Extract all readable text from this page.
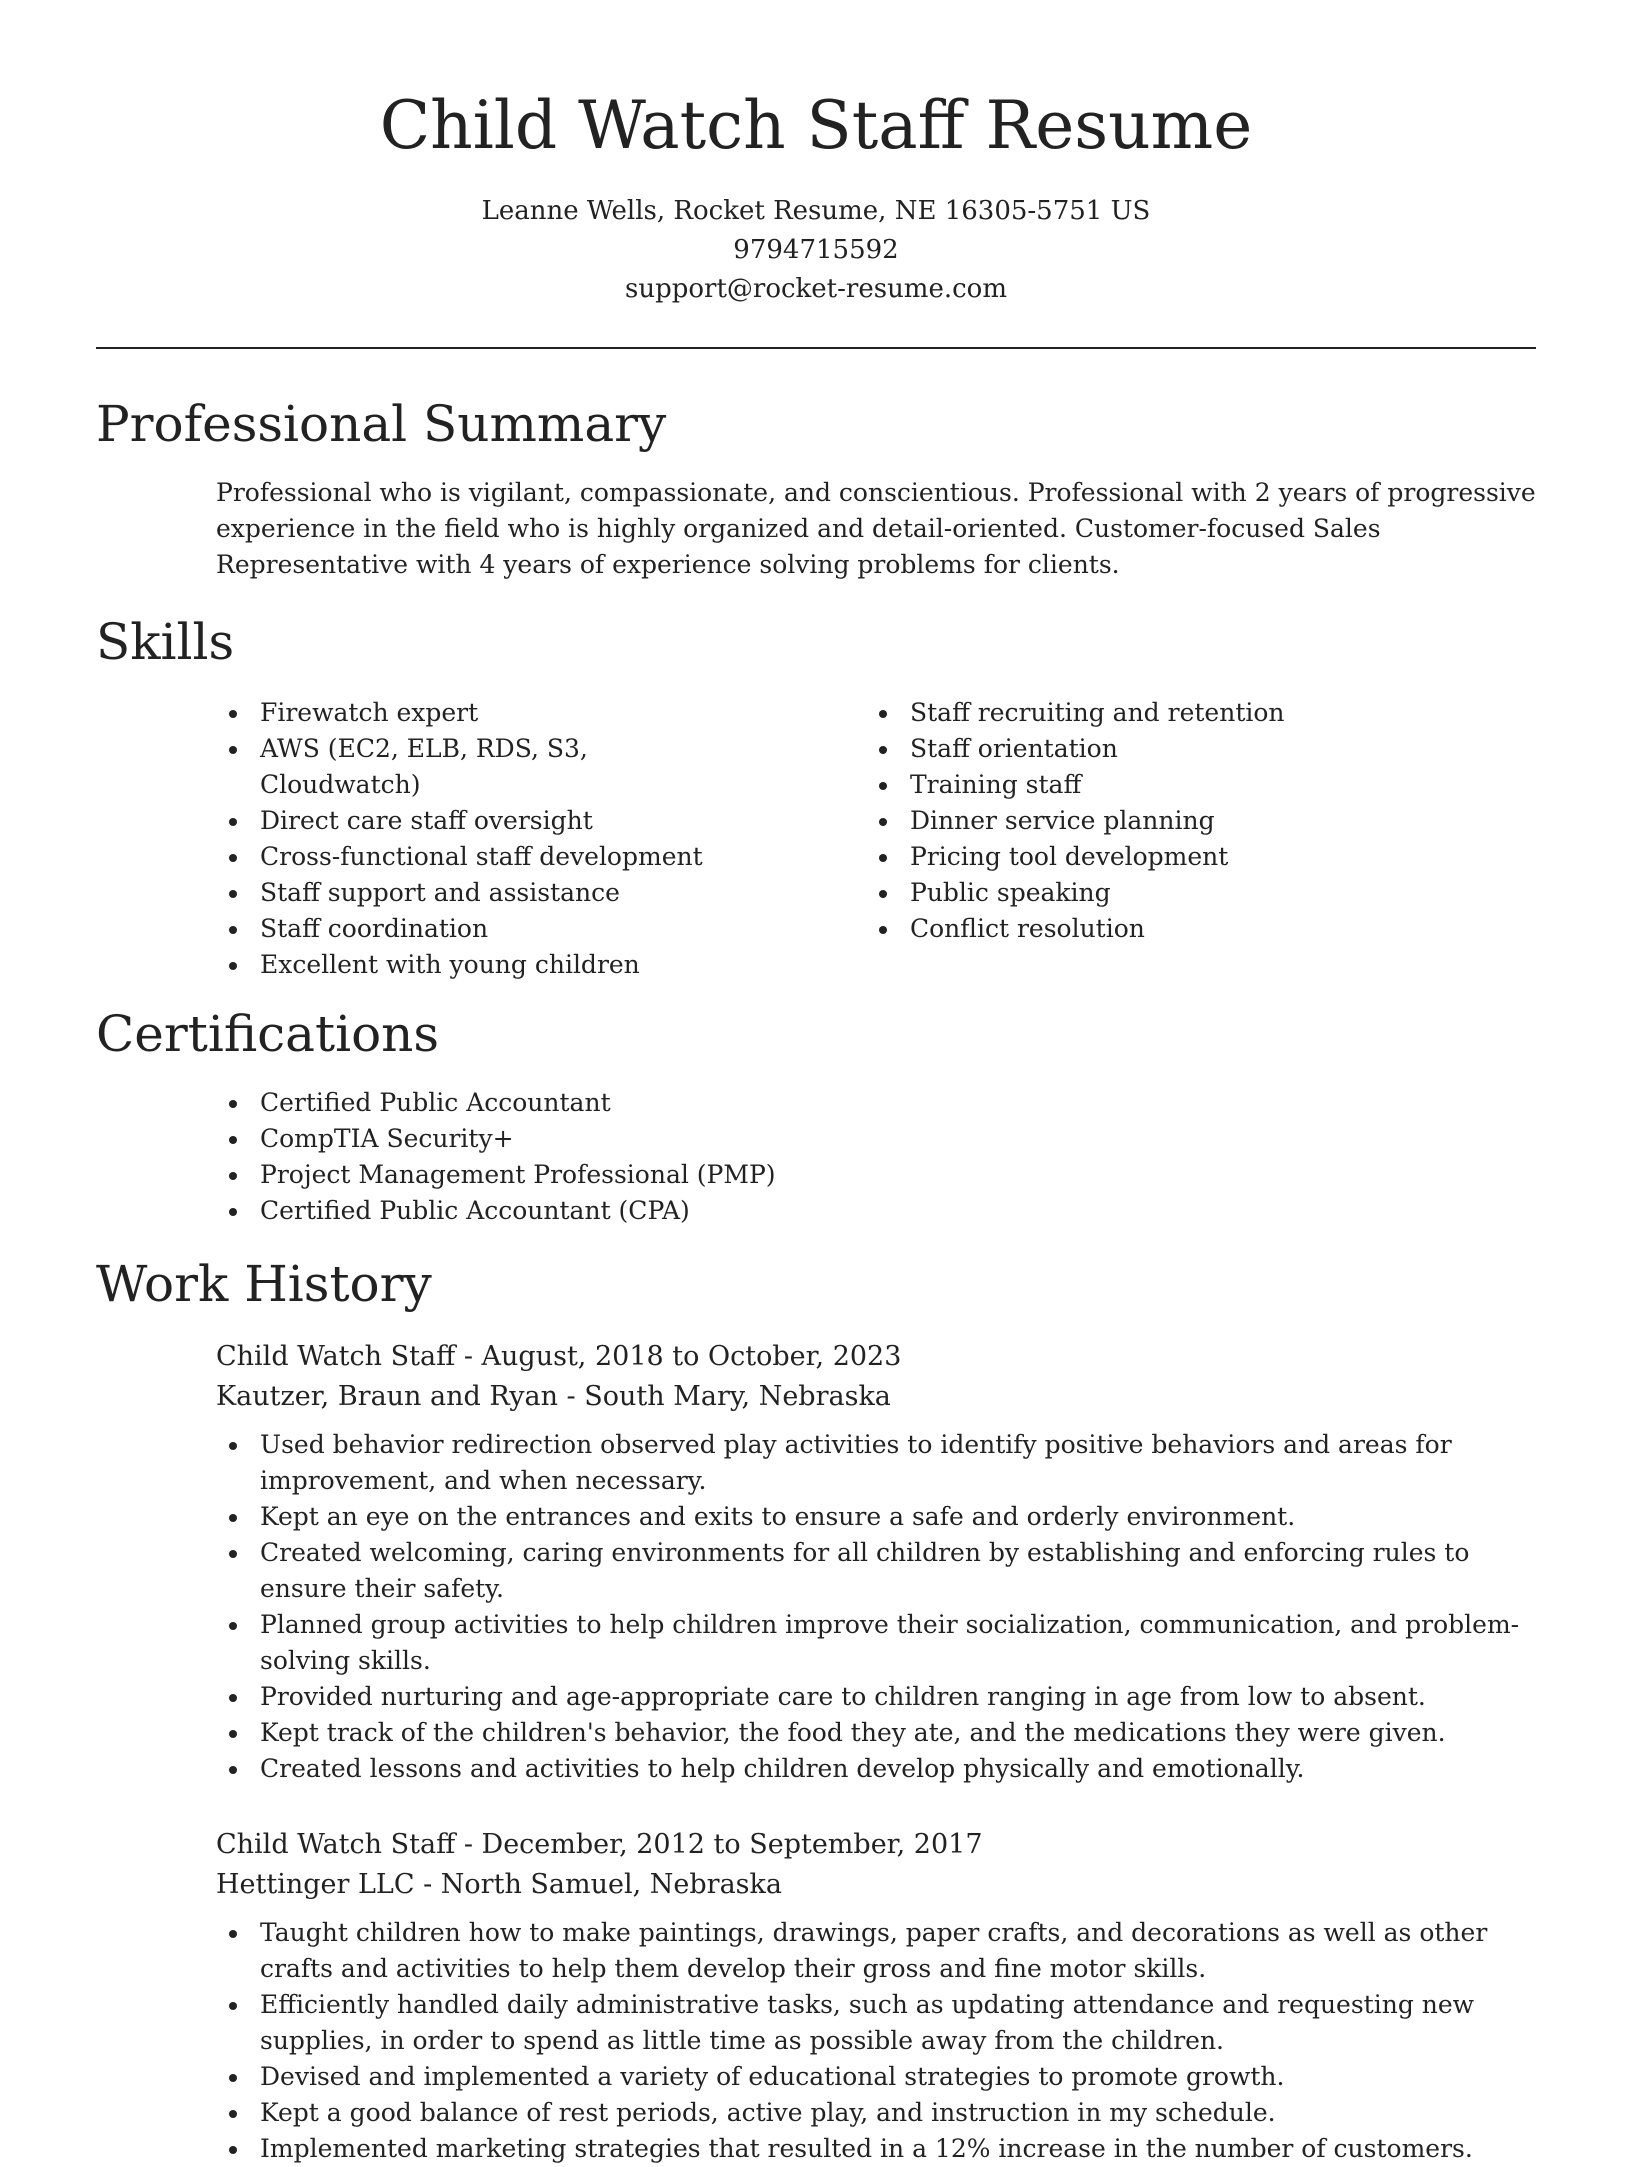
Child Watch Staff Resume
Leanne Wells, Rocket Resume, NE 16305-5751 US
9794715592
support@rocket-resume.com
Professional Summary

Professional who is vigilant, compassionate, and conscientious. Professional with 2 years of progressive experience in the field who is highly organized and detail-oriented. Customer-focused Sales Representative with 4 years of experience solving problems for clients.

Skills
Firewatch expert
AWS (EC2, ELB, RDS, S3, Cloudwatch)
Direct care staff oversight
Cross-functional staff development
Staff support and assistance
Staff coordination
Excellent with young children
Staff recruiting and retention
Staff orientation
Training staff
Dinner service planning
Pricing tool development
Public speaking
Conflict resolution
Certifications
Certified Public Accountant
CompTIA Security+
Project Management Professional (PMP)
Certified Public Accountant (CPA)
Work History
Child Watch Staff - August, 2018 to October, 2023
Kautzer, Braun and Ryan - South Mary, Nebraska
Used behavior redirection observed play activities to identify positive behaviors and areas for improvement, and when necessary.
Kept an eye on the entrances and exits to ensure a safe and orderly environment.
Created welcoming, caring environments for all children by establishing and enforcing rules to ensure their safety.
Planned group activities to help children improve their socialization, communication, and problem-solving skills.
Provided nurturing and age-appropriate care to children ranging in age from low to absent.
Kept track of the children's behavior, the food they ate, and the medications they were given.
Created lessons and activities to help children develop physically and emotionally.
Child Watch Staff - December, 2012 to September, 2017
Hettinger LLC - North Samuel, Nebraska
Taught children how to make paintings, drawings, paper crafts, and decorations as well as other crafts and activities to help them develop their gross and fine motor skills.
Efficiently handled daily administrative tasks, such as updating attendance and requesting new supplies, in order to spend as little time as possible away from the children.
Devised and implemented a variety of educational strategies to promote growth.
Kept a good balance of rest periods, active play, and instruction in my schedule.
Implemented marketing strategies that resulted in a 12% increase in the number of customers.
